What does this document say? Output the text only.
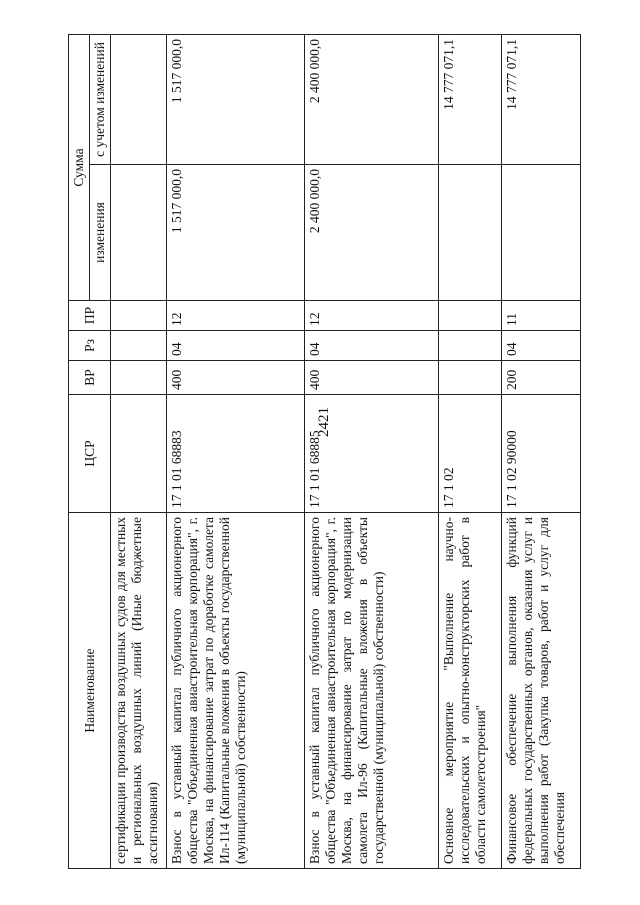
2421
Наименование	ЦСР	ВР	Рз	ПР	Сумма	
					изменения	с учетом изменений
сертификации производства воздушных судов для местных и региональных воздушных линий (Иные бюджетные ассигнования)						
Взнос в уставный капитал публичного акционерного общества "Объединенная авиастроительная корпорация", г. Москва, на финансирование затрат по доработке самолета Ил-114 (Капитальные вложения в объекты государственной (муниципальной) собственности)	17 1 01 68883	400	04	12	1 517 000,0	1 517 000,0
Взнос в уставный капитал публичного акционерного общества "Объединенная авиастроительная корпорация", г. Москва, на финансирование затрат по модернизации самолета Ил-96 (Капитальные вложения в объекты государственной (муниципальной) собственности)	17 1 01 68885	400	04	12	2 400 000,0	2 400 000,0
Основное мероприятие "Выполнение научно-исследовательских и опытно-конструкторских работ в области самолетостроения"	17 1 02					14 777 071,1
Финансовое обеспечение выполнения функций федеральных государственных органов, оказания услуг и выполнения работ (Закупка товаров, работ и услуг для обеспечения	17 1 02 90000	200	04	11		14 777 071,1
